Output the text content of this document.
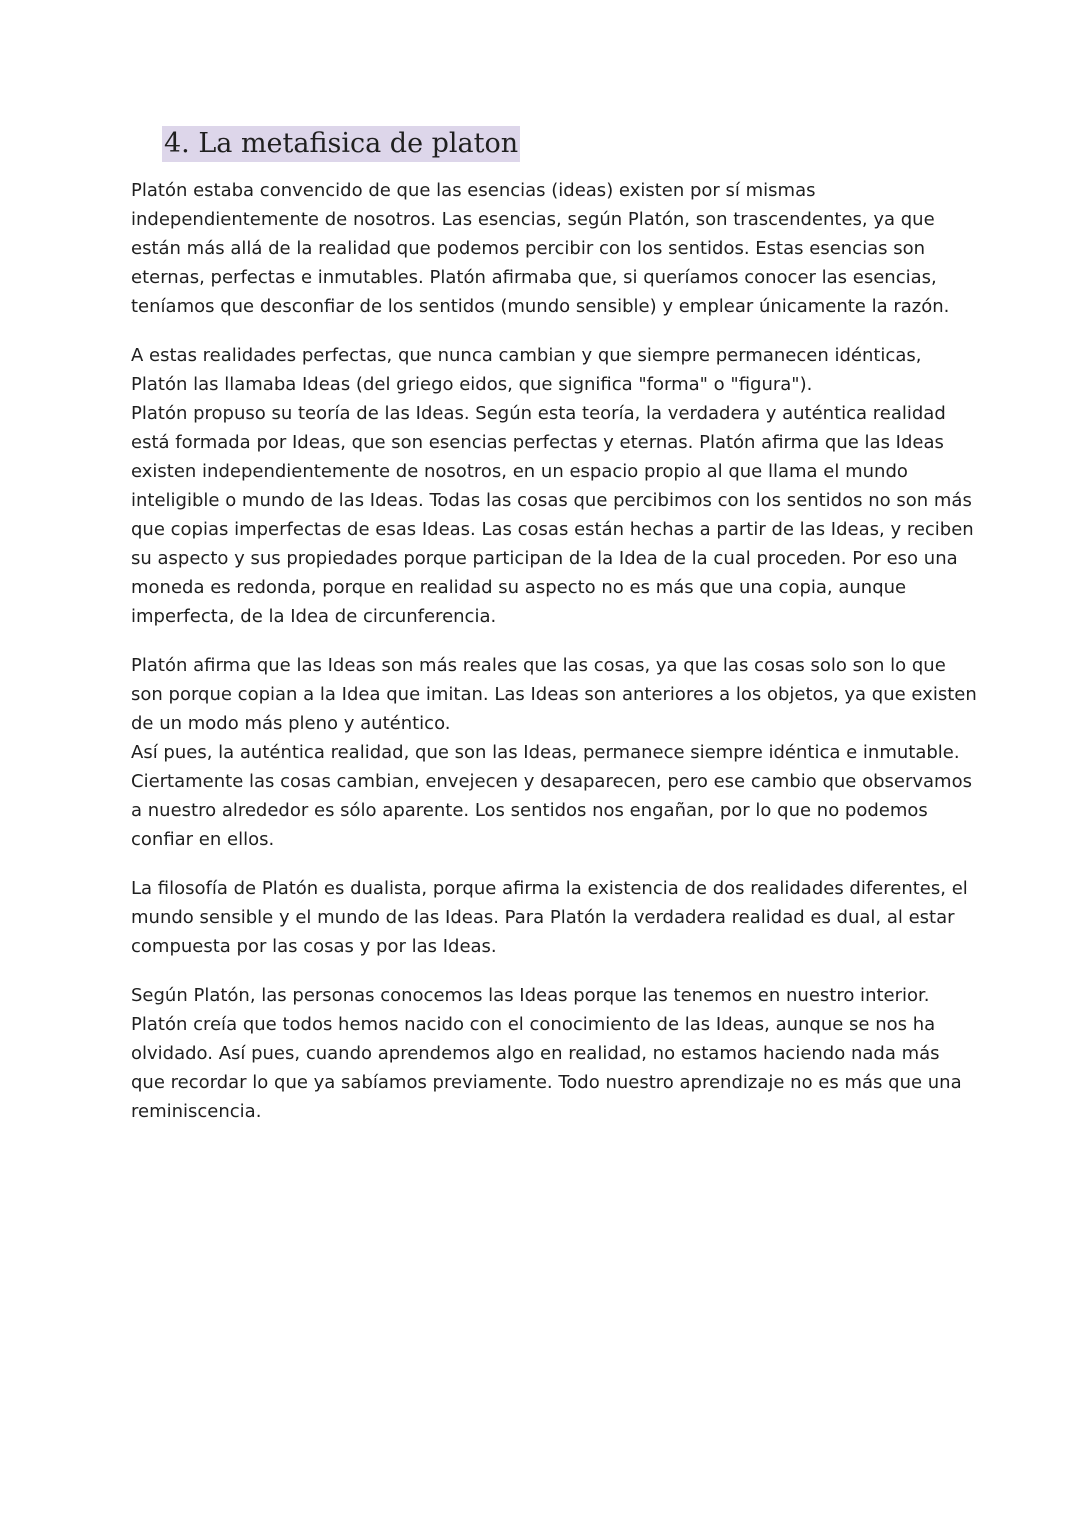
4. La metafisica de platon
Platón estaba convencido de que las esencias (ideas) existen por sí mismas
independientemente de nosotros. Las esencias, según Platón, son trascendentes, ya que
están más allá de la realidad que podemos percibir con los sentidos. Estas esencias son
eternas, perfectas e inmutables. Platón afirmaba que, si queríamos conocer las esencias,
teníamos que desconfiar de los sentidos (mundo sensible) y emplear únicamente la razón.
A estas realidades perfectas, que nunca cambian y que siempre permanecen idénticas,
Platón las llamaba Ideas (del griego eidos, que significa "forma" o "figura").
Platón propuso su teoría de las Ideas. Según esta teoría, la verdadera y auténtica realidad
está formada por Ideas, que son esencias perfectas y eternas. Platón afirma que las Ideas
existen independientemente de nosotros, en un espacio propio al que llama el mundo
inteligible o mundo de las Ideas. Todas las cosas que percibimos con los sentidos no son más
que copias imperfectas de esas Ideas. Las cosas están hechas a partir de las Ideas, y reciben
su aspecto y sus propiedades porque participan de la Idea de la cual proceden. Por eso una
moneda es redonda, porque en realidad su aspecto no es más que una copia, aunque
imperfecta, de la Idea de circunferencia.
Platón afirma que las Ideas son más reales que las cosas, ya que las cosas solo son lo que
son porque copian a la Idea que imitan. Las Ideas son anteriores a los objetos, ya que existen
de un modo más pleno y auténtico.
Así pues, la auténtica realidad, que son las Ideas, permanece siempre idéntica e inmutable.
Ciertamente las cosas cambian, envejecen y desaparecen, pero ese cambio que observamos
a nuestro alrededor es sólo aparente. Los sentidos nos engañan, por lo que no podemos
confiar en ellos.
La filosofía de Platón es dualista, porque afirma la existencia de dos realidades diferentes, el
mundo sensible y el mundo de las Ideas. Para Platón la verdadera realidad es dual, al estar
compuesta por las cosas y por las Ideas.
Según Platón, las personas conocemos las Ideas porque las tenemos en nuestro interior.
Platón creía que todos hemos nacido con el conocimiento de las Ideas, aunque se nos ha
olvidado. Así pues, cuando aprendemos algo en realidad, no estamos haciendo nada más
que recordar lo que ya sabíamos previamente. Todo nuestro aprendizaje no es más que una
reminiscencia.
